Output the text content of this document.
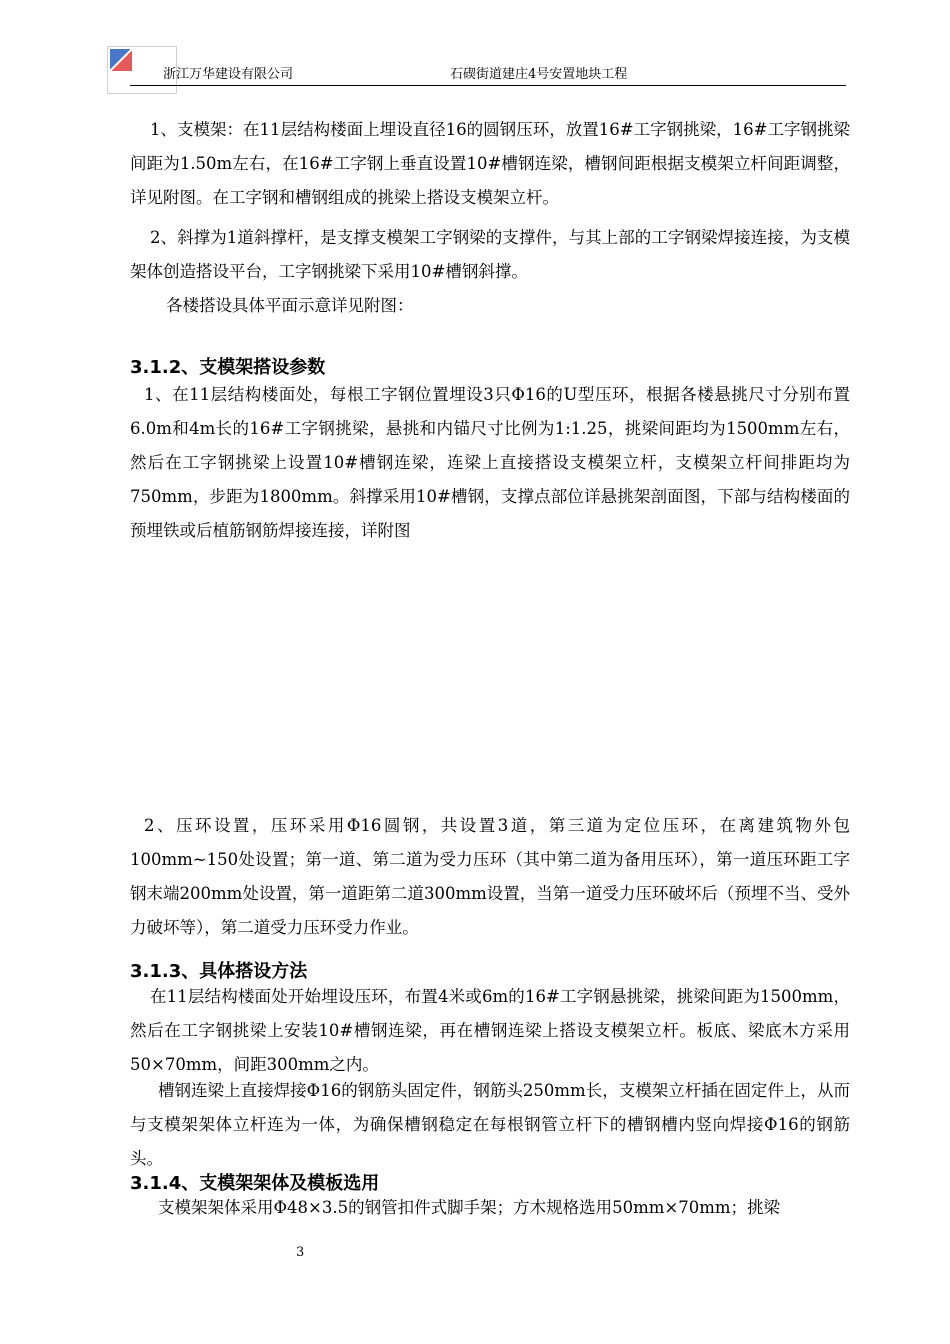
浙江万华建设有限公司	石碶街道建庄4号安置地块工程

1、支模架：在11层结构楼面上埋设直径16的圆钢压环，放置16#工字钢挑梁，16#工字钢挑梁间距为1.50m左右，在16#工字钢上垂直设置10#槽钢连梁，槽钢间距根据支模架立杆间距调整，详见附图。在工字钢和槽钢组成的挑梁上搭设支模架立杆。

2、斜撑为1道斜撑杆，是支撑支模架工字钢梁的支撑件，与其上部的工字钢梁焊接连接，为支模架体创造搭设平台，工字钢挑梁下采用10#槽钢斜撑。

各楼搭设具体平面示意详见附图：

3.1.2、支模架搭设参数

1、在11层结构楼面处，每根工字钢位置埋设3只Φ16的U型压环，根据各楼悬挑尺寸分别布置6.0m和4m长的16#工字钢挑梁，悬挑和内锚尺寸比例为1:1.25，挑梁间距均为1500mm左右，然后在工字钢挑梁上设置10#槽钢连梁，连梁上直接搭设支模架立杆，支模架立杆间排距均为750mm，步距为1800mm。斜撑采用10#槽钢，支撑点部位详悬挑架剖面图，下部与结构楼面的预埋铁或后植筋钢筋焊接连接，详附图

2、压环设置，压环采用Φ16圆钢，共设置3道，第三道为定位压环，在离建筑物外包100mm~150处设置；第一道、第二道为受力压环（其中第二道为备用压环），第一道压环距工字钢末端200mm处设置，第一道距第二道300mm设置，当第一道受力压环破坏后（预埋不当、受外力破坏等），第二道受力压环受力作业。

3.1.3、具体搭设方法

在11层结构楼面处开始埋设压环，布置4米或6m的16#工字钢悬挑梁，挑梁间距为1500mm，然后在工字钢挑梁上安装10#槽钢连梁，再在槽钢连梁上搭设支模架立杆。板底、梁底木方采用50×70mm，间距300mm之内。

槽钢连梁上直接焊接Φ16的钢筋头固定件，钢筋头250mm长，支模架立杆插在固定件上，从而与支模架架体立杆连为一体，为确保槽钢稳定在每根钢管立杆下的槽钢槽内竖向焊接Φ16的钢筋头。

3.1.4、支模架架体及模板选用

支模架架体采用Φ48×3.5的钢管扣件式脚手架；方木规格选用50mm×70mm；挑梁

3
